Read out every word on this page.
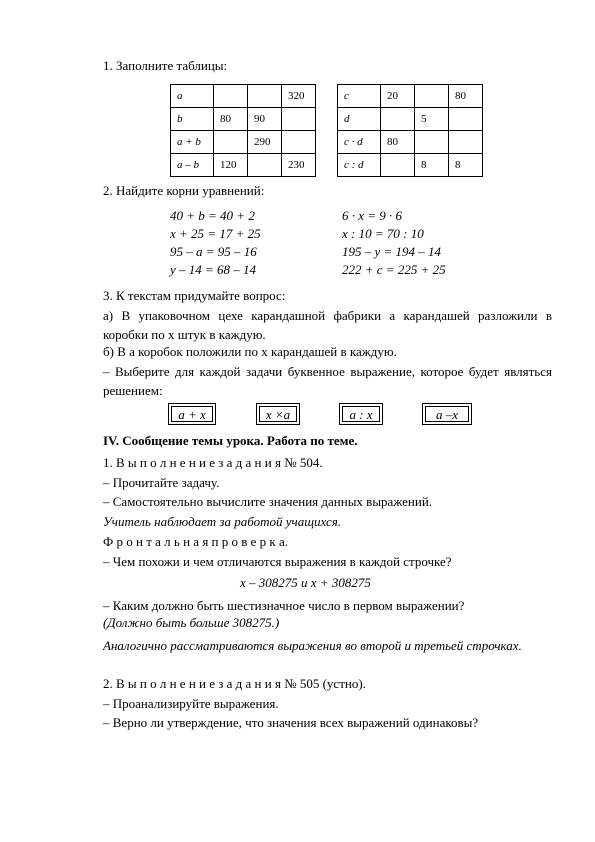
1. Заполните таблицы:
a			320
b	80	90	
a + b		290	
a – b	120		230
c	20		80
d		5	
c · d	80		
c : d		8	8
2. Найдите корни уравнений:
40 + b = 40 + 2
x + 25 = 17 + 25
95 – a = 95 – 16
y – 14 = 68 – 14
6 · x = 9 · 6
x : 10 = 70 : 10
195 – y = 194 – 14
222 + c = 225 + 25
3. К текстам придумайте вопрос:
а) В упаковочном цехе карандашной фабрики a карандашей разложили в коробки по x штук в каждую.
б) В a коробок положили по x карандашей в каждую.
– Выберите для каждой задачи буквенное выражение, которое будет являться решением:
a + x	x ×a	a : x	a –x
IV. Сообщение темы урока. Работа по теме.
1. В ы п о л н е н и е з а д а н и я № 504.
– Прочитайте задачу.
– Самостоятельно вычислите значения данных выражений.
Учитель наблюдает за работой учащихся.
Ф р о н т а л ь н а я п р о в е р к а.
– Чем похожи и чем отличаются выражения в каждой строчке?
x – 308275 и x + 308275
– Каким должно быть шестизначное число в первом выражении?
(Должно быть больше 308275.)
Аналогично рассматриваются выражения во второй и третьей строчках.
2. В ы п о л н е н и е з а д а н и я № 505 (устно).
– Проанализируйте выражения.
– Верно ли утверждение, что значения всех выражений одинаковы?
